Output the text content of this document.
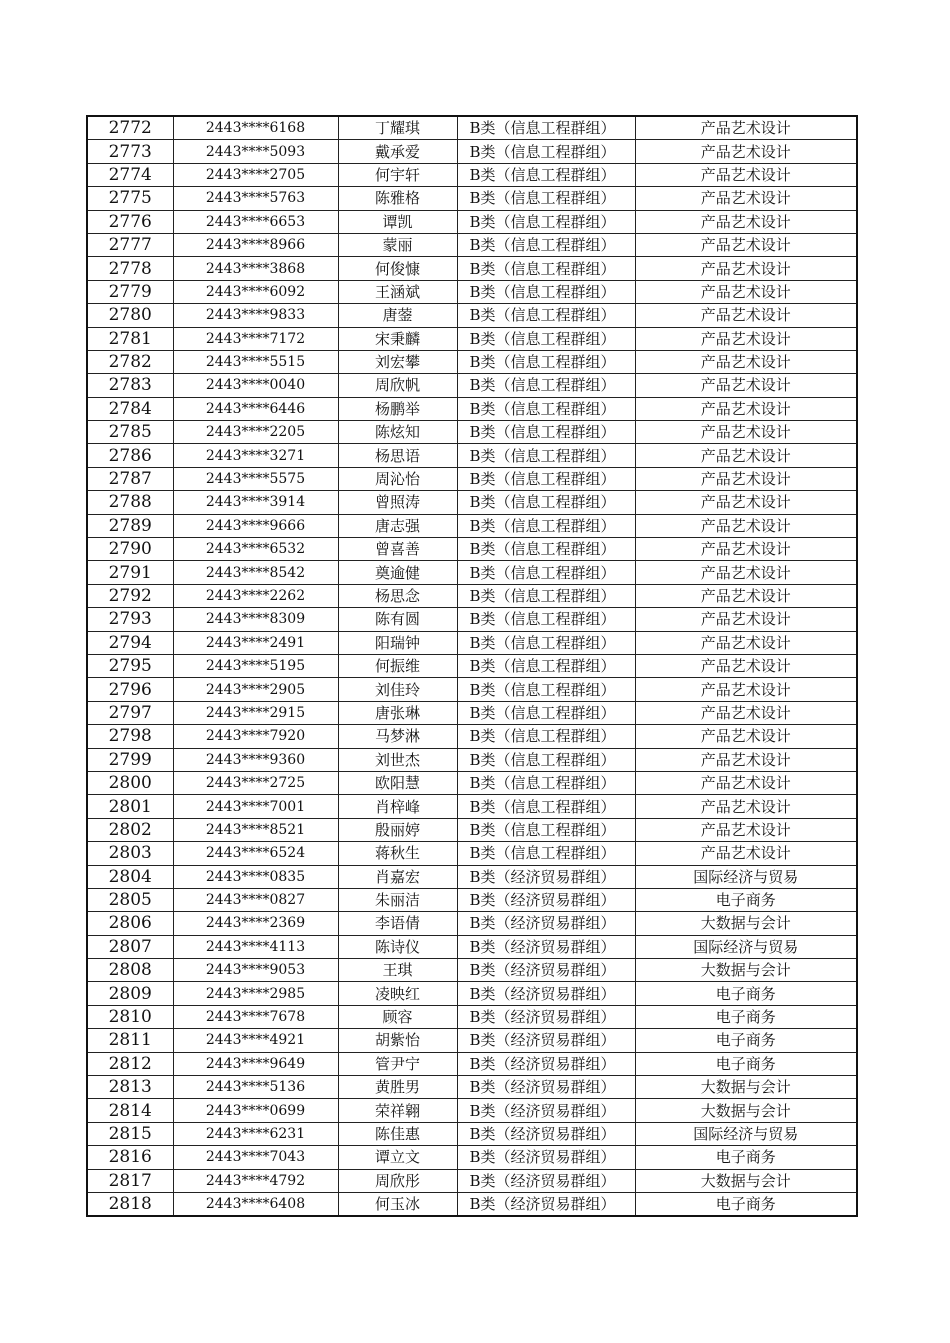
2772	2443****6168	丁耀琪	B类（信息工程群组）	产品艺术设计
2773	2443****5093	戴承爱	B类（信息工程群组）	产品艺术设计
2774	2443****2705	何宇轩	B类（信息工程群组）	产品艺术设计
2775	2443****5763	陈雅格	B类（信息工程群组）	产品艺术设计
2776	2443****6653	谭凯	B类（信息工程群组）	产品艺术设计
2777	2443****8966	蒙丽	B类（信息工程群组）	产品艺术设计
2778	2443****3868	何俊慷	B类（信息工程群组）	产品艺术设计
2779	2443****6092	王涵斌	B类（信息工程群组）	产品艺术设计
2780	2443****9833	唐蓥	B类（信息工程群组）	产品艺术设计
2781	2443****7172	宋秉麟	B类（信息工程群组）	产品艺术设计
2782	2443****5515	刘宏攀	B类（信息工程群组）	产品艺术设计
2783	2443****0040	周欣帆	B类（信息工程群组）	产品艺术设计
2784	2443****6446	杨鹏举	B类（信息工程群组）	产品艺术设计
2785	2443****2205	陈炫知	B类（信息工程群组）	产品艺术设计
2786	2443****3271	杨思语	B类（信息工程群组）	产品艺术设计
2787	2443****5575	周沁怡	B类（信息工程群组）	产品艺术设计
2788	2443****3914	曾照涛	B类（信息工程群组）	产品艺术设计
2789	2443****9666	唐志强	B类（信息工程群组）	产品艺术设计
2790	2443****6532	曾喜善	B类（信息工程群组）	产品艺术设计
2791	2443****8542	奠逾健	B类（信息工程群组）	产品艺术设计
2792	2443****2262	杨思念	B类（信息工程群组）	产品艺术设计
2793	2443****8309	陈有圆	B类（信息工程群组）	产品艺术设计
2794	2443****2491	阳瑞钟	B类（信息工程群组）	产品艺术设计
2795	2443****5195	何振维	B类（信息工程群组）	产品艺术设计
2796	2443****2905	刘佳玲	B类（信息工程群组）	产品艺术设计
2797	2443****2915	唐张琳	B类（信息工程群组）	产品艺术设计
2798	2443****7920	马梦淋	B类（信息工程群组）	产品艺术设计
2799	2443****9360	刘世杰	B类（信息工程群组）	产品艺术设计
2800	2443****2725	欧阳慧	B类（信息工程群组）	产品艺术设计
2801	2443****7001	肖梓峰	B类（信息工程群组）	产品艺术设计
2802	2443****8521	殷丽婷	B类（信息工程群组）	产品艺术设计
2803	2443****6524	蒋秋生	B类（信息工程群组）	产品艺术设计
2804	2443****0835	肖嘉宏	B类（经济贸易群组）	国际经济与贸易
2805	2443****0827	朱丽洁	B类（经济贸易群组）	电子商务
2806	2443****2369	李语倩	B类（经济贸易群组）	大数据与会计
2807	2443****4113	陈诗仪	B类（经济贸易群组）	国际经济与贸易
2808	2443****9053	王琪	B类（经济贸易群组）	大数据与会计
2809	2443****2985	凌映红	B类（经济贸易群组）	电子商务
2810	2443****7678	顾容	B类（经济贸易群组）	电子商务
2811	2443****4921	胡紫怡	B类（经济贸易群组）	电子商务
2812	2443****9649	管尹宁	B类（经济贸易群组）	电子商务
2813	2443****5136	黄胜男	B类（经济贸易群组）	大数据与会计
2814	2443****0699	荣祥翱	B类（经济贸易群组）	大数据与会计
2815	2443****6231	陈佳惠	B类（经济贸易群组）	国际经济与贸易
2816	2443****7043	谭立文	B类（经济贸易群组）	电子商务
2817	2443****4792	周欣彤	B类（经济贸易群组）	大数据与会计
2818	2443****6408	何玉冰	B类（经济贸易群组）	电子商务
